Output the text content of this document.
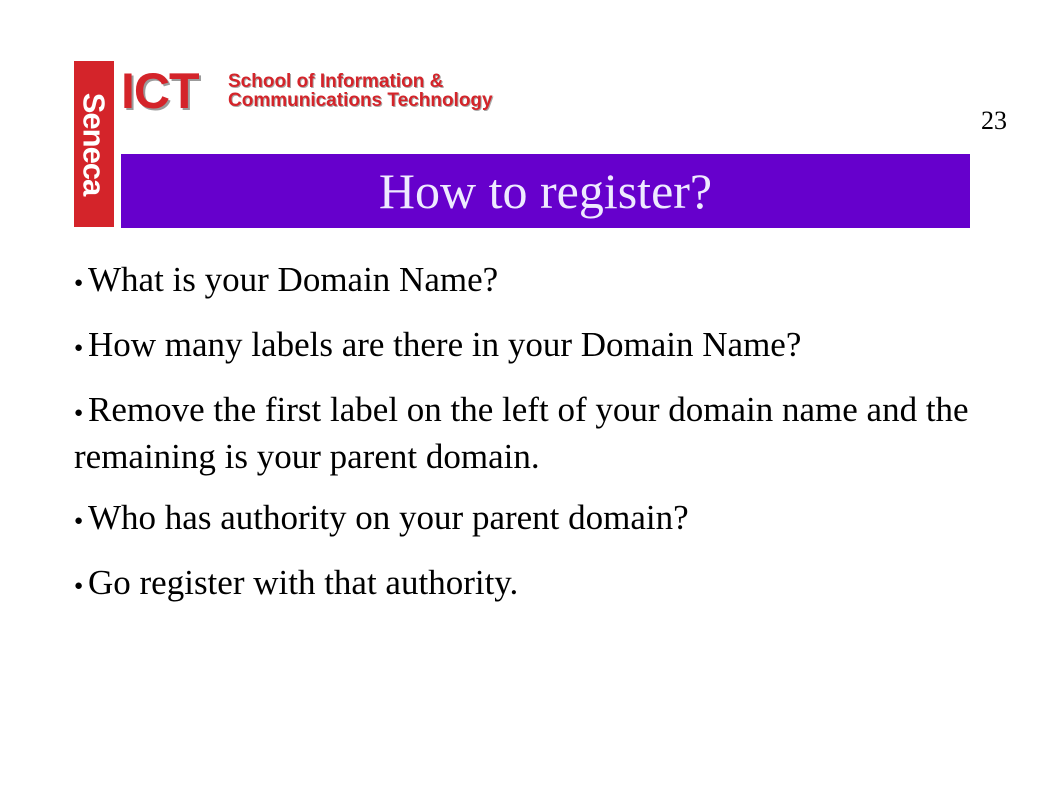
Seneca
ICT School of Information &
Communications Technology
23
How to register?
● What is your Domain Name?
● How many labels are there in your Domain Name?
● Remove the first label on the left of your domain name and the remaining is your parent domain.
● Who has authority on your parent domain?
● Go register with that authority.
